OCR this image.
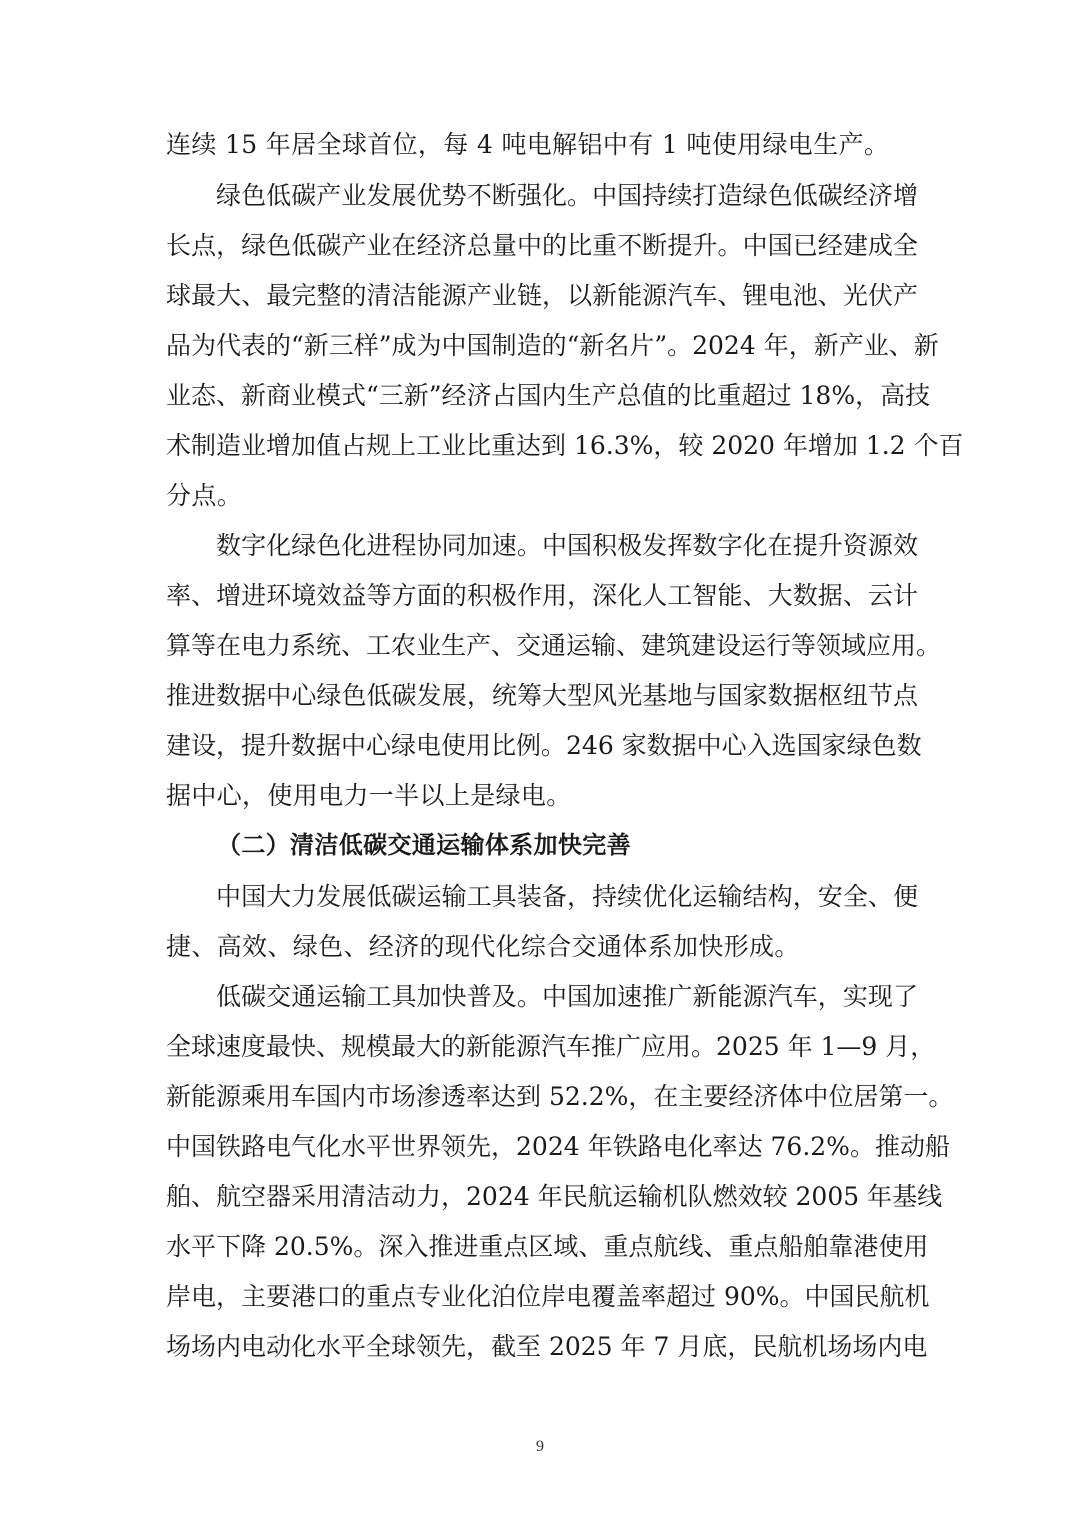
连续 15 年居全球首位，每 4 吨电解铝中有 1 吨使用绿电生产。
绿色低碳产业发展优势不断强化。中国持续打造绿色低碳经济增
长点，绿色低碳产业在经济总量中的比重不断提升。中国已经建成全
球最大、最完整的清洁能源产业链，以新能源汽车、锂电池、光伏产
品为代表的“新三样”成为中国制造的“新名片”。2024 年，新产业、新
业态、新商业模式“三新”经济占国内生产总值的比重超过 18%，高技
术制造业增加值占规上工业比重达到 16.3%，较 2020 年增加 1.2 个百
分点。
数字化绿色化进程协同加速。中国积极发挥数字化在提升资源效
率、增进环境效益等方面的积极作用，深化人工智能、大数据、云计
算等在电力系统、工农业生产、交通运输、建筑建设运行等领域应用。
推进数据中心绿色低碳发展，统筹大型风光基地与国家数据枢纽节点
建设，提升数据中心绿电使用比例。246 家数据中心入选国家绿色数
据中心，使用电力一半以上是绿电。
（二）清洁低碳交通运输体系加快完善
中国大力发展低碳运输工具装备，持续优化运输结构，安全、便
捷、高效、绿色、经济的现代化综合交通体系加快形成。
低碳交通运输工具加快普及。中国加速推广新能源汽车，实现了
全球速度最快、规模最大的新能源汽车推广应用。2025 年 1—9 月，
新能源乘用车国内市场渗透率达到 52.2%，在主要经济体中位居第一。
中国铁路电气化水平世界领先，2024 年铁路电化率达 76.2%。推动船
舶、航空器采用清洁动力，2024 年民航运输机队燃效较 2005 年基线
水平下降 20.5%。深入推进重点区域、重点航线、重点船舶靠港使用
岸电，主要港口的重点专业化泊位岸电覆盖率超过 90%。中国民航机
场场内电动化水平全球领先，截至 2025 年 7 月底，民航机场场内电
9
